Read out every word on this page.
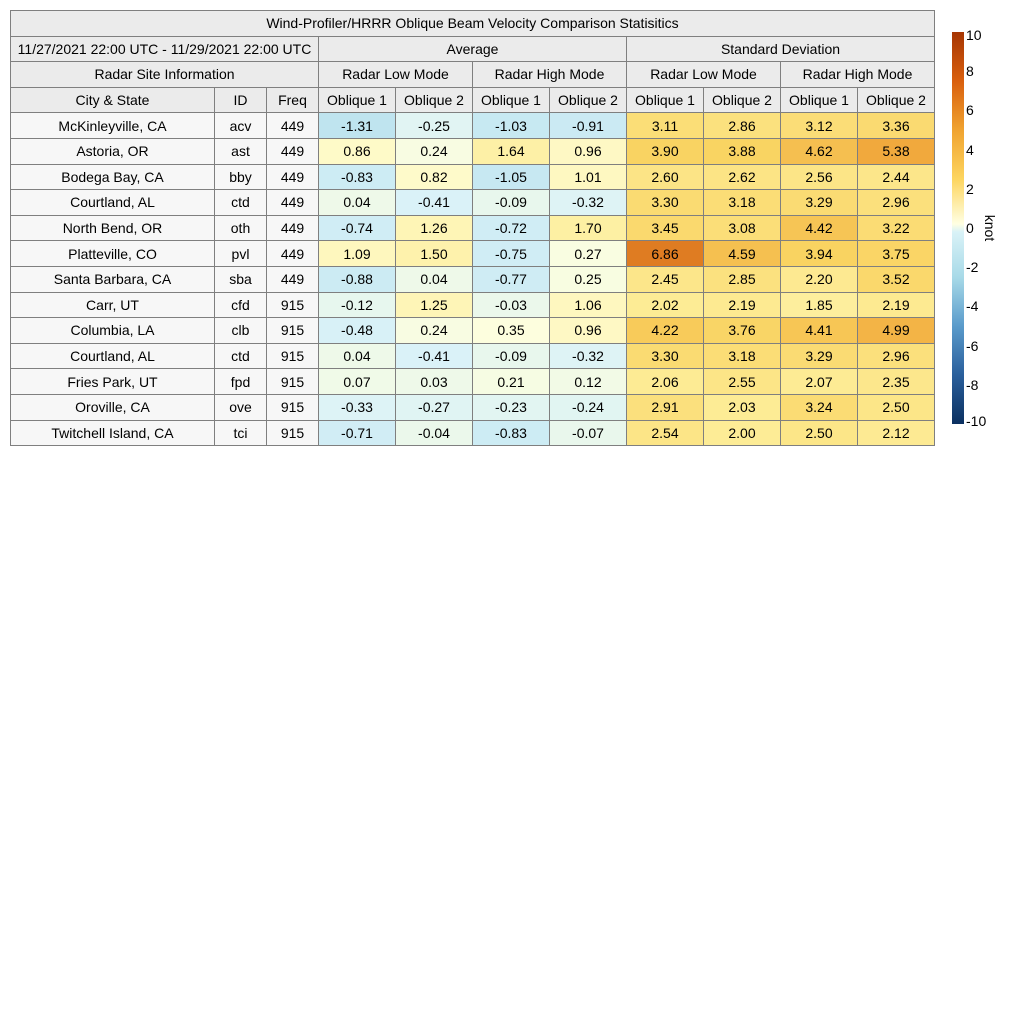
Wind-Profiler/HRRR Oblique Beam Velocity Comparison Statisitics										
11/27/2021 22:00 UTC - 11/29/2021 22:00 UTC			Average				Standard Deviation			
Radar Site Information			Radar Low Mode		Radar High Mode		Radar Low Mode		Radar High Mode	
City & State	ID	Freq	Oblique 1	Oblique 2	Oblique 1	Oblique 2	Oblique 1	Oblique 2	Oblique 1	Oblique 2
McKinleyville, CA	acv	449	-1.31	-0.25	-1.03	-0.91	3.11	2.86	3.12	3.36
Astoria, OR	ast	449	0.86	0.24	1.64	0.96	3.90	3.88	4.62	5.38
Bodega Bay, CA	bby	449	-0.83	0.82	-1.05	1.01	2.60	2.62	2.56	2.44
Courtland, AL	ctd	449	0.04	-0.41	-0.09	-0.32	3.30	3.18	3.29	2.96
North Bend, OR	oth	449	-0.74	1.26	-0.72	1.70	3.45	3.08	4.42	3.22
Platteville, CO	pvl	449	1.09	1.50	-0.75	0.27	6.86	4.59	3.94	3.75
Santa Barbara, CA	sba	449	-0.88	0.04	-0.77	0.25	2.45	2.85	2.20	3.52
Carr, UT	cfd	915	-0.12	1.25	-0.03	1.06	2.02	2.19	1.85	2.19
Columbia, LA	clb	915	-0.48	0.24	0.35	0.96	4.22	3.76	4.41	4.99
Courtland, AL	ctd	915	0.04	-0.41	-0.09	-0.32	3.30	3.18	3.29	2.96
Fries Park, UT	fpd	915	0.07	0.03	0.21	0.12	2.06	2.55	2.07	2.35
Oroville, CA	ove	915	-0.33	-0.27	-0.23	-0.24	2.91	2.03	3.24	2.50
Twitchell Island, CA	tci	915	-0.71	-0.04	-0.83	-0.07	2.54	2.00	2.50	2.12
10
8
6
4
2
0
-2
-4
-6
-8
-10
knot
